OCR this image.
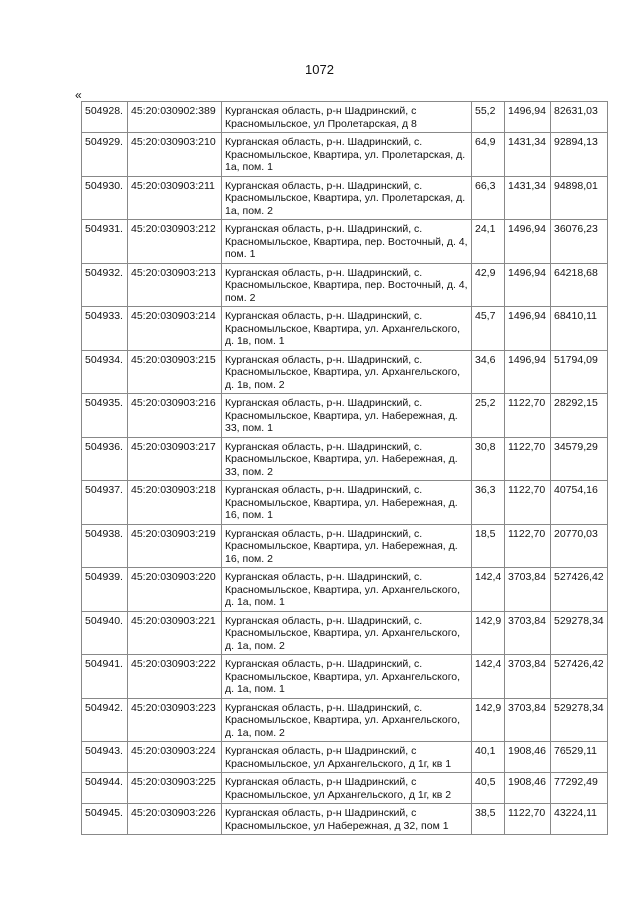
1072
«
504928.	45:20:030902:389	Курганская область, р-н Шадринский, с Красномыльское, ул Пролетарская, д 8	55,2	1496,94	82631,03
504929.	45:20:030903:210	Курганская область, р-н. Шадринский, с. Красномыльское, Квартира, ул. Пролетарская, д. 1а, пом. 1	64,9	1431,34	92894,13
504930.	45:20:030903:211	Курганская область, р-н. Шадринский, с. Красномыльское, Квартира, ул. Пролетарская, д. 1а, пом. 2	66,3	1431,34	94898,01
504931.	45:20:030903:212	Курганская область, р-н. Шадринский, с. Красномыльское, Квартира, пер. Восточный, д. 4, пом. 1	24,1	1496,94	36076,23
504932.	45:20:030903:213	Курганская область, р-н. Шадринский, с. Красномыльское, Квартира, пер. Восточный, д. 4, пом. 2	42,9	1496,94	64218,68
504933.	45:20:030903:214	Курганская область, р-н. Шадринский, с. Красномыльское, Квартира, ул. Архангельского, д. 1в, пом. 1	45,7	1496,94	68410,11
504934.	45:20:030903:215	Курганская область, р-н. Шадринский, с. Красномыльское, Квартира, ул. Архангельского, д. 1в, пом. 2	34,6	1496,94	51794,09
504935.	45:20:030903:216	Курганская область, р-н. Шадринский, с. Красномыльское, Квартира, ул. Набережная, д. 33, пом. 1	25,2	1122,70	28292,15
504936.	45:20:030903:217	Курганская область, р-н. Шадринский, с. Красномыльское, Квартира, ул. Набережная, д. 33, пом. 2	30,8	1122,70	34579,29
504937.	45:20:030903:218	Курганская область, р-н. Шадринский, с. Красномыльское, Квартира, ул. Набережная, д. 16, пом. 1	36,3	1122,70	40754,16
504938.	45:20:030903:219	Курганская область, р-н. Шадринский, с. Красномыльское, Квартира, ул. Набережная, д. 16, пом. 2	18,5	1122,70	20770,03
504939.	45:20:030903:220	Курганская область, р-н. Шадринский, с. Красномыльское, Квартира, ул. Архангельского, д. 1а, пом. 1	142,4	3703,84	527426,42
504940.	45:20:030903:221	Курганская область, р-н. Шадринский, с. Красномыльское, Квартира, ул. Архангельского, д. 1а, пом. 2	142,9	3703,84	529278,34
504941.	45:20:030903:222	Курганская область, р-н. Шадринский, с. Красномыльское, Квартира, ул. Архангельского, д. 1а, пом. 1	142,4	3703,84	527426,42
504942.	45:20:030903:223	Курганская область, р-н. Шадринский, с. Красномыльское, Квартира, ул. Архангельского, д. 1а, пом. 2	142,9	3703,84	529278,34
504943.	45:20:030903:224	Курганская область, р-н Шадринский, с Красномыльское, ул Архангельского, д 1г, кв 1	40,1	1908,46	76529,11
504944.	45:20:030903:225	Курганская область, р-н Шадринский, с Красномыльское, ул Архангельского, д 1г, кв 2	40,5	1908,46	77292,49
504945.	45:20:030903:226	Курганская область, р-н Шадринский, с Красномыльское, ул Набережная, д 32, пом 1	38,5	1122,70	43224,11
